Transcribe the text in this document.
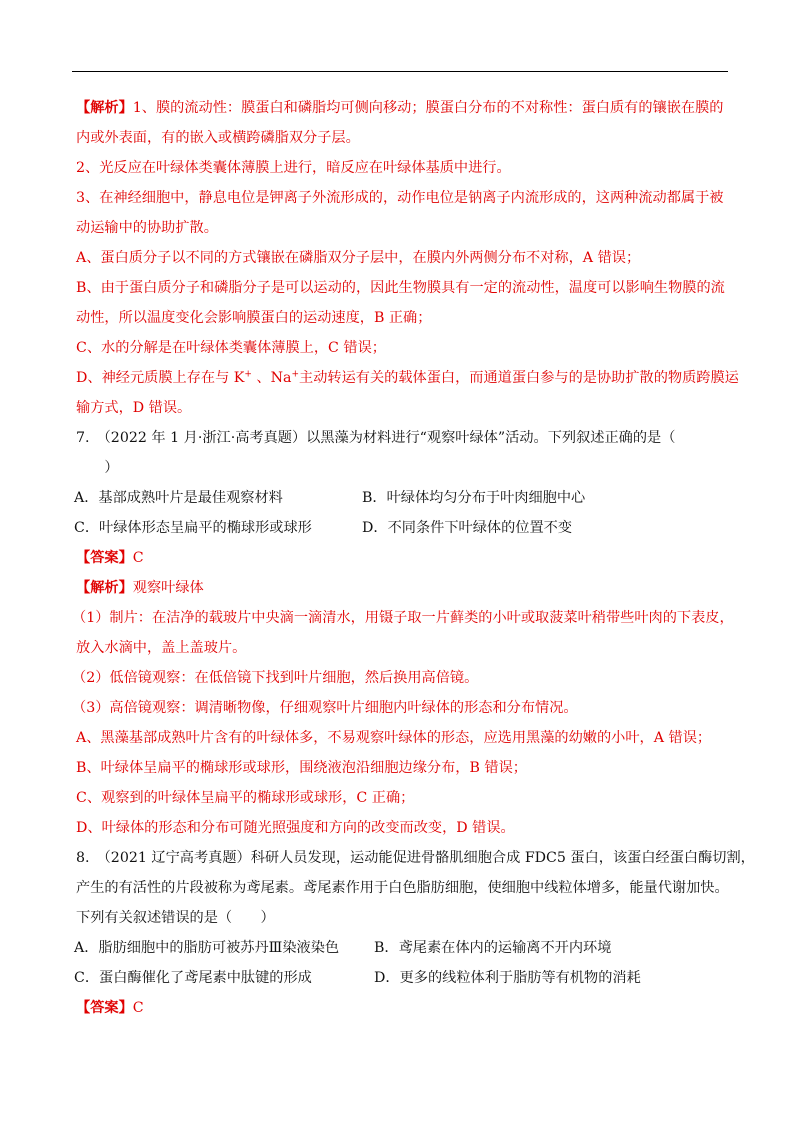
【解析】1、膜的流动性：膜蛋白和磷脂均可侧向移动；膜蛋白分布的不对称性：蛋白质有的镶嵌在膜的

内或外表面，有的嵌入或横跨磷脂双分子层。

2、光反应在叶绿体类囊体薄膜上进行，暗反应在叶绿体基质中进行。

3、在神经细胞中，静息电位是钾离子外流形成的，动作电位是钠离子内流形成的，这两种流动都属于被

动运输中的协助扩散。

A、蛋白质分子以不同的方式镶嵌在磷脂双分子层中，在膜内外两侧分布不对称，A 错误；

B、由于蛋白质分子和磷脂分子是可以运动的，因此生物膜具有一定的流动性，温度可以影响生物膜的流

动性，所以温度变化会影响膜蛋白的运动速度，B 正确；

C、水的分解是在叶绿体类囊体薄膜上，C 错误；

D、神经元质膜上存在与 K+ 、Na+主动转运有关的载体蛋白，而通道蛋白参与的是协助扩散的物质跨膜运

输方式，D 错误。

7.　（2022 年 1 月·浙江·高考真题）以黑藻为材料进行“观察叶绿体”活动。下列叙述正确的是（

　　）

A．基部成熟叶片是最佳观察材料	B．叶绿体均匀分布于叶肉细胞中心
C．叶绿体形态呈扁平的椭球形或球形	D．不同条件下叶绿体的位置不变

【答案】C

【解析】观察叶绿体

（1）制片：在洁净的载玻片中央滴一滴清水，用镊子取一片藓类的小叶或取菠菜叶稍带些叶肉的下表皮，

放入水滴中，盖上盖玻片。

（2）低倍镜观察：在低倍镜下找到叶片细胞，然后换用高倍镜。

（3）高倍镜观察：调清晰物像，仔细观察叶片细胞内叶绿体的形态和分布情况。

A、黑藻基部成熟叶片含有的叶绿体多，不易观察叶绿体的形态，应选用黑藻的幼嫩的小叶，A 错误；

B、叶绿体呈扁平的椭球形或球形，围绕液泡沿细胞边缘分布，B 错误；

C、观察到的叶绿体呈扁平的椭球形或球形，C 正确；

D、叶绿体的形态和分布可随光照强度和方向的改变而改变，D 错误。

8.　（2021 辽宁高考真题）科研人员发现，运动能促进骨骼肌细胞合成 FDC5 蛋白，该蛋白经蛋白酶切割，

产生的有活性的片段被称为鸢尾素。鸢尾素作用于白色脂肪细胞，使细胞中线粒体增多，能量代谢加快。

下列有关叙述错误的是（　　）

A．脂肪细胞中的脂肪可被苏丹Ⅲ染液染色	B．鸢尾素在体内的运输离不开内环境
C．蛋白酶催化了鸢尾素中肽键的形成	D．更多的线粒体利于脂肪等有机物的消耗

【答案】C
